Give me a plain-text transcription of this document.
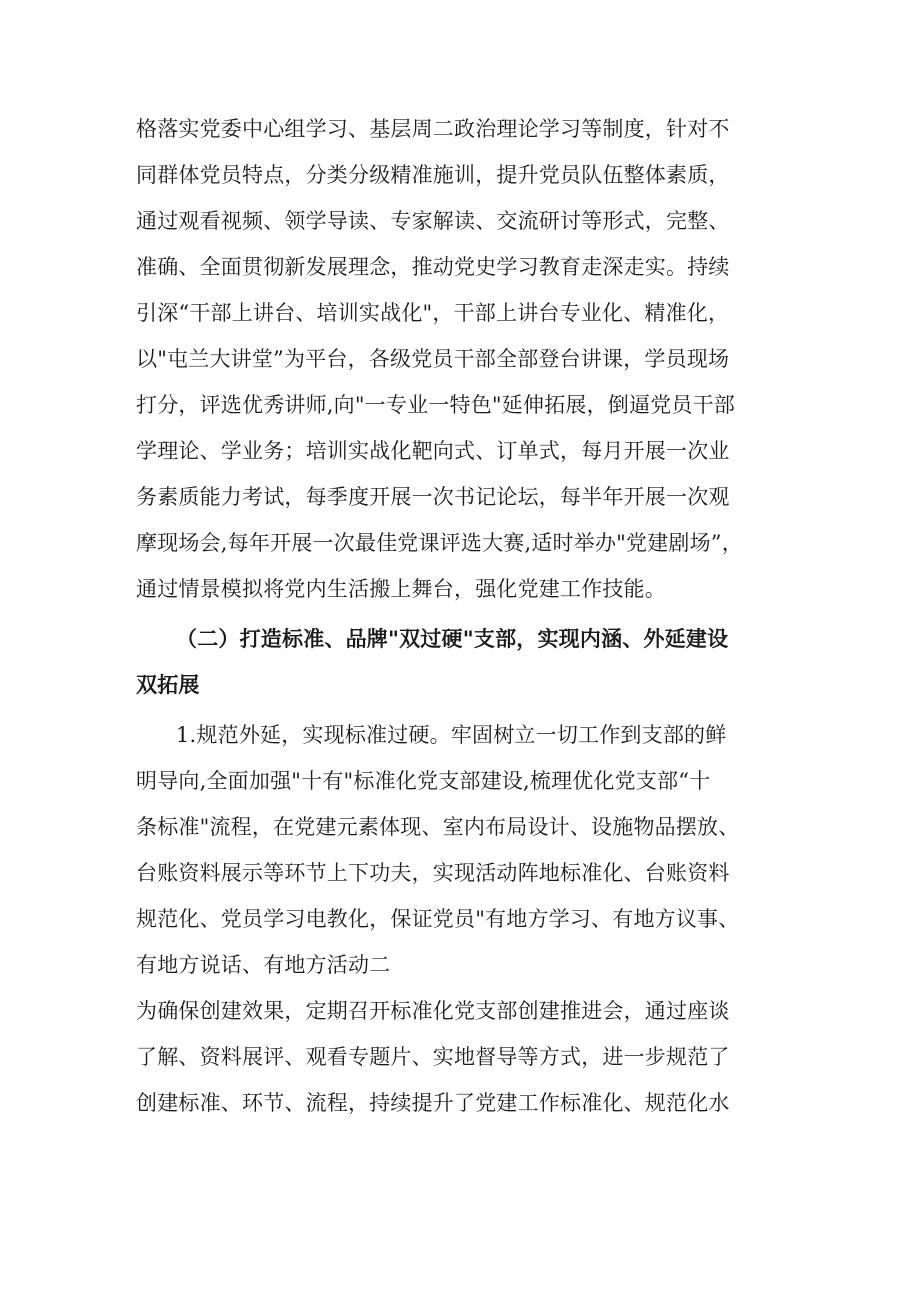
格落实党委中心组学习、基层周二政治理论学习等制度，针对不
同群体党员特点，分类分级精准施训，提升党员队伍整体素质，
通过观看视频、领学导读、专家解读、交流研讨等形式，完整、
准确、全面贯彻新发展理念，推动党史学习教育走深走实。持续
引深“干部上讲台、培训实战化"，干部上讲台专业化、精准化，
以"屯兰大讲堂”为平台，各级党员干部全部登台讲课，学员现场
打分，评选优秀讲师,向"一专业一特色"延伸拓展，倒逼党员干部
学理论、学业务；培训实战化靶向式、订单式，每月开展一次业
务素质能力考试，每季度开展一次书记论坛，每半年开展一次观
摩现场会,每年开展一次最佳党课评选大赛,适时举办"党建剧场”，
通过情景模拟将党内生活搬上舞台，强化党建工作技能。
（二）打造标准、品牌"双过硬"支部，实现内涵、外延建设
双拓展
1.规范外延，实现标准过硬。牢固树立一切工作到支部的鲜
明导向,全面加强"十有"标准化党支部建设,梳理优化党支部“十
条标准"流程，在党建元素体现、室内布局设计、设施物品摆放、
台账资料展示等环节上下功夫，实现活动阵地标准化、台账资料
规范化、党员学习电教化，保证党员"有地方学习、有地方议事、
有地方说话、有地方活动二
为确保创建效果，定期召开标准化党支部创建推进会，通过座谈
了解、资料展评、观看专题片、实地督导等方式，进一步规范了
创建标准、环节、流程，持续提升了党建工作标准化、规范化水
